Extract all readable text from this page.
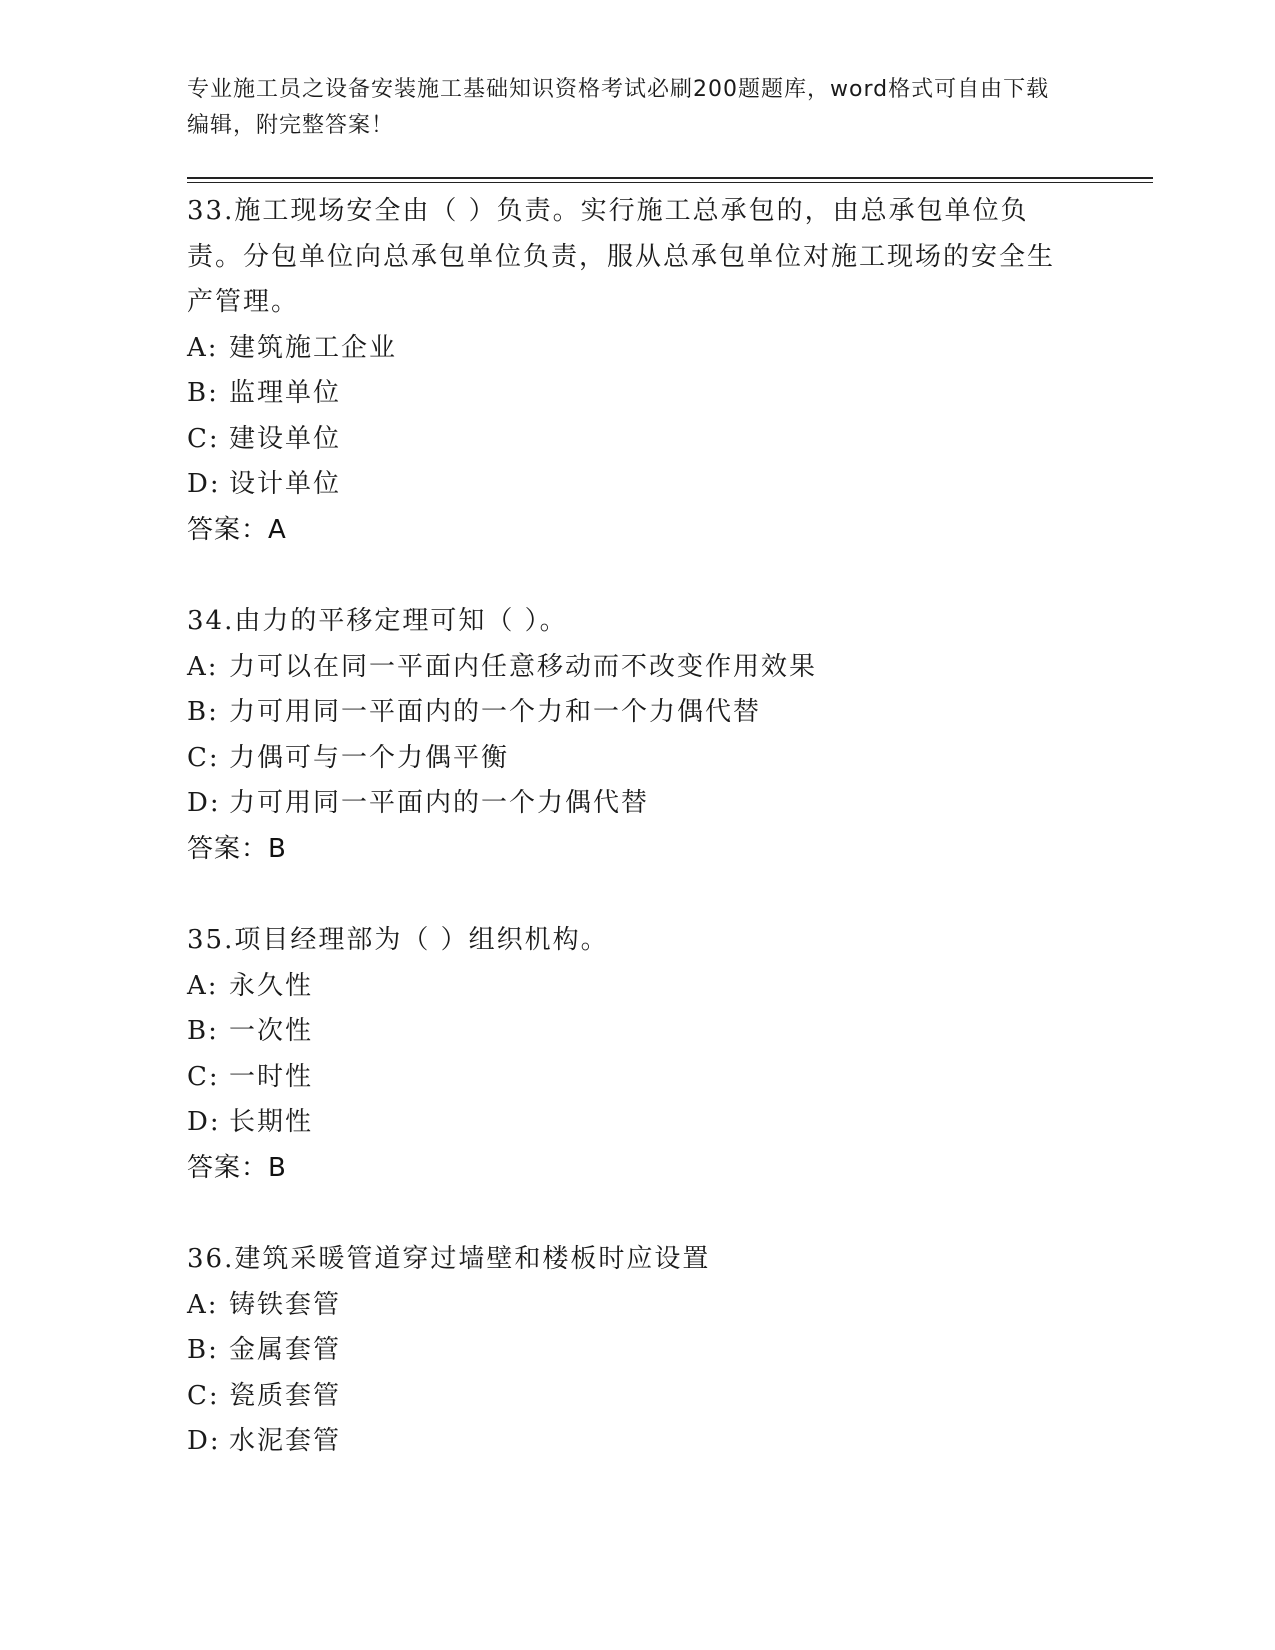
专业施工员之设备安装施工基础知识资格考试必刷200题题库，word格式可自由下载编辑，附完整答案！
33.施工现场安全由（ ）负责。实行施工总承包的，由总承包单位负责。分包单位向总承包单位负责，服从总承包单位对施工现场的安全生产管理。
A: 建筑施工企业
B: 监理单位
C: 建设单位
D: 设计单位
答案：A
34.由力的平移定理可知（ ）。
A: 力可以在同一平面内任意移动而不改变作用效果
B: 力可用同一平面内的一个力和一个力偶代替
C: 力偶可与一个力偶平衡
D: 力可用同一平面内的一个力偶代替
答案：B
35.项目经理部为（ ）组织机构。
A: 永久性
B: 一次性
C: 一时性
D: 长期性
答案：B
36.建筑采暖管道穿过墙壁和楼板时应设置
A: 铸铁套管
B: 金属套管
C: 瓷质套管
D: 水泥套管
